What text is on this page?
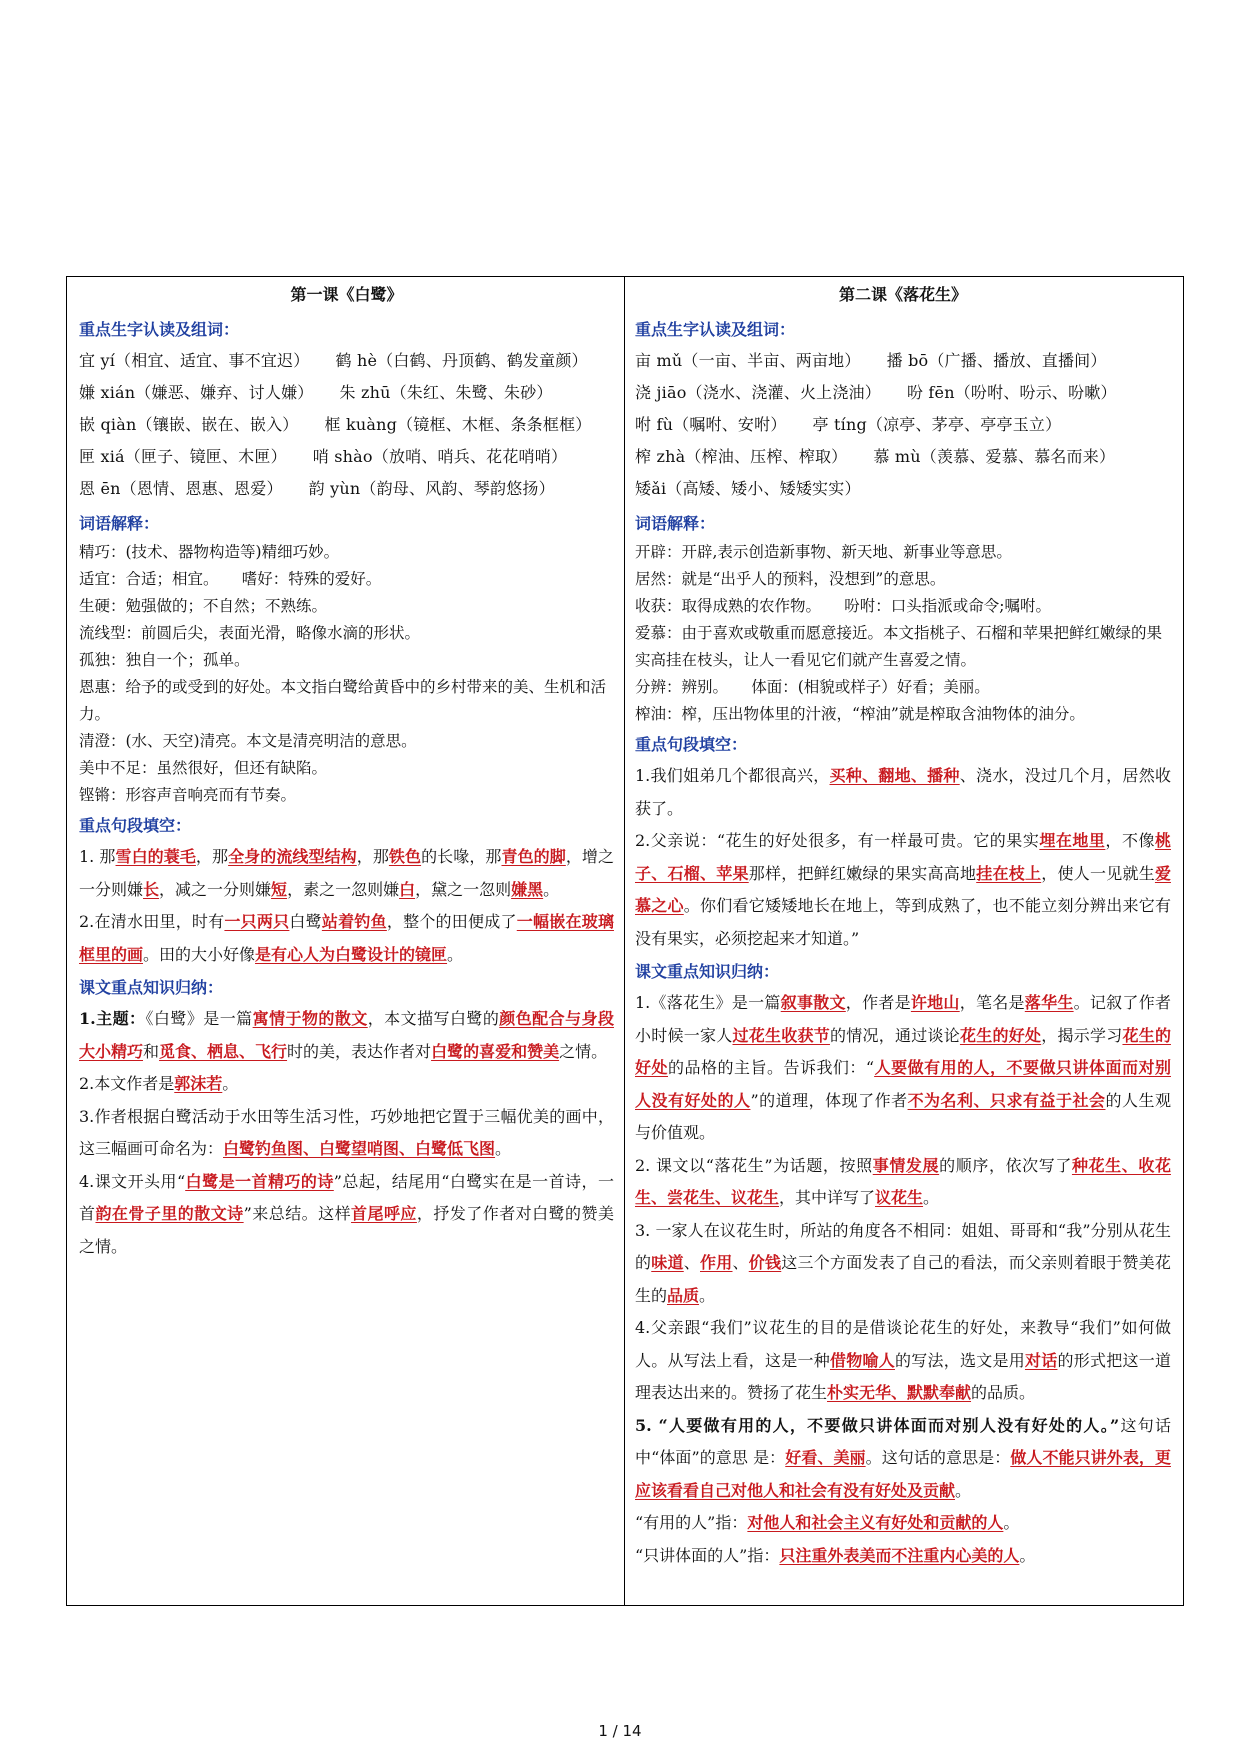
第一课《白鹭》
重点生字认读及组词：
宜 yí（相宜、适宜、事不宜迟） 鹤 hè（白鹤、丹顶鹤、鹤发童颜）
嫌 xián（嫌恶、嫌弃、讨人嫌） 朱 zhū（朱红、朱鹭、朱砂）
嵌 qiàn（镶嵌、嵌在、嵌入） 框 kuàng（镜框、木框、条条框框）
匣 xiá（匣子、镜匣、木匣） 哨 shào（放哨、哨兵、花花哨哨）
恩 ēn（恩情、恩惠、恩爱） 韵 yùn（韵母、风韵、琴韵悠扬）
词语解释：

精巧：(技术、器物构造等)精细巧妙。

适宜：合适；相宜。　　嗜好：特殊的爱好。

生硬：勉强做的；不自然；不熟练。

流线型：前圆后尖，表面光滑，略像水滴的形状。

孤独：独自一个；孤单。

恩惠：给予的或受到的好处。本文指白鹭给黄昏中的乡村带来的美、生机和活力。

清澄：(水、天空)清亮。本文是清亮明洁的意思。

美中不足：虽然很好，但还有缺陷。

铿锵：形容声音响亮而有节奏。

重点句段填空：

1. 那雪白的蓑毛，那全身的流线型结构，那铁色的长喙，那青色的脚，增之一分则嫌长，减之一分则嫌短，素之一忽则嫌白，黛之一忽则嫌黑。

2.在清水田里，时有一只两只白鹭站着钓鱼，整个的田便成了一幅嵌在玻璃框里的画。田的大小好像是有心人为白鹭设计的镜匣。

课文重点知识归纳：

1.主题：《白鹭》是一篇寓情于物的散文，本文描写白鹭的颜色配合与身段大小精巧和觅食、栖息、飞行时的美，表达作者对白鹭的喜爱和赞美之情。

2.本文作者是郭沫若。

3.作者根据白鹭活动于水田等生活习性，巧妙地把它置于三幅优美的画中，这三幅画可命名为：白鹭钓鱼图、白鹭望哨图、白鹭低飞图。

4.课文开头用“白鹭是一首精巧的诗”总起，结尾用“白鹭实在是一首诗，一首韵在骨子里的散文诗”来总结。这样首尾呼应，抒发了作者对白鹭的赞美之情。

第二课《落花生》
重点生字认读及组词：
亩 mǔ（一亩、半亩、两亩地） 播 bō（广播、播放、直播间）
浇 jiāo（浇水、浇灌、火上浇油） 吩 fēn（吩咐、吩示、吩嗽）
咐 fù（嘱咐、安咐） 亭 tíng（凉亭、茅亭、亭亭玉立）
榨 zhà（榨油、压榨、榨取） 慕 mù（羡慕、爱慕、慕名而来）
矮ǎi（高矮、矮小、矮矮实实）
词语解释：

开辟：开辟,表示创造新事物、新天地、新事业等意思。

居然：就是“出乎人的预料，没想到”的意思。

收获：取得成熟的农作物。　　吩咐：口头指派或命令;嘱咐。

爱慕：由于喜欢或敬重而愿意接近。本文指桃子、石榴和苹果把鲜红嫩绿的果实高挂在枝头，让人一看见它们就产生喜爱之情。

分辨：辨别。　　体面：(相貌或样子）好看；美丽。

榨油：榨，压出物体里的汁液，“榨油”就是榨取含油物体的油分。

重点句段填空：

1.我们姐弟几个都很高兴，买种、翻地、播种、浇水，没过几个月，居然收获了。

2.父亲说：“花生的好处很多，有一样最可贵。它的果实埋在地里，不像桃子、石榴、苹果那样，把鲜红嫩绿的果实高高地挂在枝上，使人一见就生爱慕之心。你们看它矮矮地长在地上，等到成熟了，也不能立刻分辨出来它有没有果实，必须挖起来才知道。”

课文重点知识归纳：

1.《落花生》是一篇叙事散文，作者是许地山，笔名是落华生。记叙了作者小时候一家人过花生收获节的情况，通过谈论花生的好处，揭示学习花生的好处的品格的主旨。告诉我们：“人要做有用的人，不要做只讲体面而对别人没有好处的人”的道理，体现了作者不为名利、只求有益于社会的人生观与价值观。

2. 课文以“落花生”为话题，按照事情发展的顺序，依次写了种花生、收花生、尝花生、议花生，其中详写了议花生。

3. 一家人在议花生时，所站的角度各不相同：姐姐、哥哥和“我”分别从花生的味道、作用、价钱这三个方面发表了自己的看法，而父亲则着眼于赞美花生的品质。

4.父亲跟“我们”议花生的目的是借谈论花生的好处，来教导“我们”如何做人。从写法上看，这是一种借物喻人的写法，选文是用对话的形式把这一道理表达出来的。赞扬了花生朴实无华、默默奉献的品质。

5. “人要做有用的人，不要做只讲体面而对别人没有好处的人。”这句话中“体面”的意思 是：好看、美丽。这句话的意思是：做人不能只讲外表，更应该看看自己对他人和社会有没有好处及贡献。

“有用的人”指：对他人和社会主义有好处和贡献的人。

“只讲体面的人”指：只注重外表美而不注重内心美的人。

1 / 14
